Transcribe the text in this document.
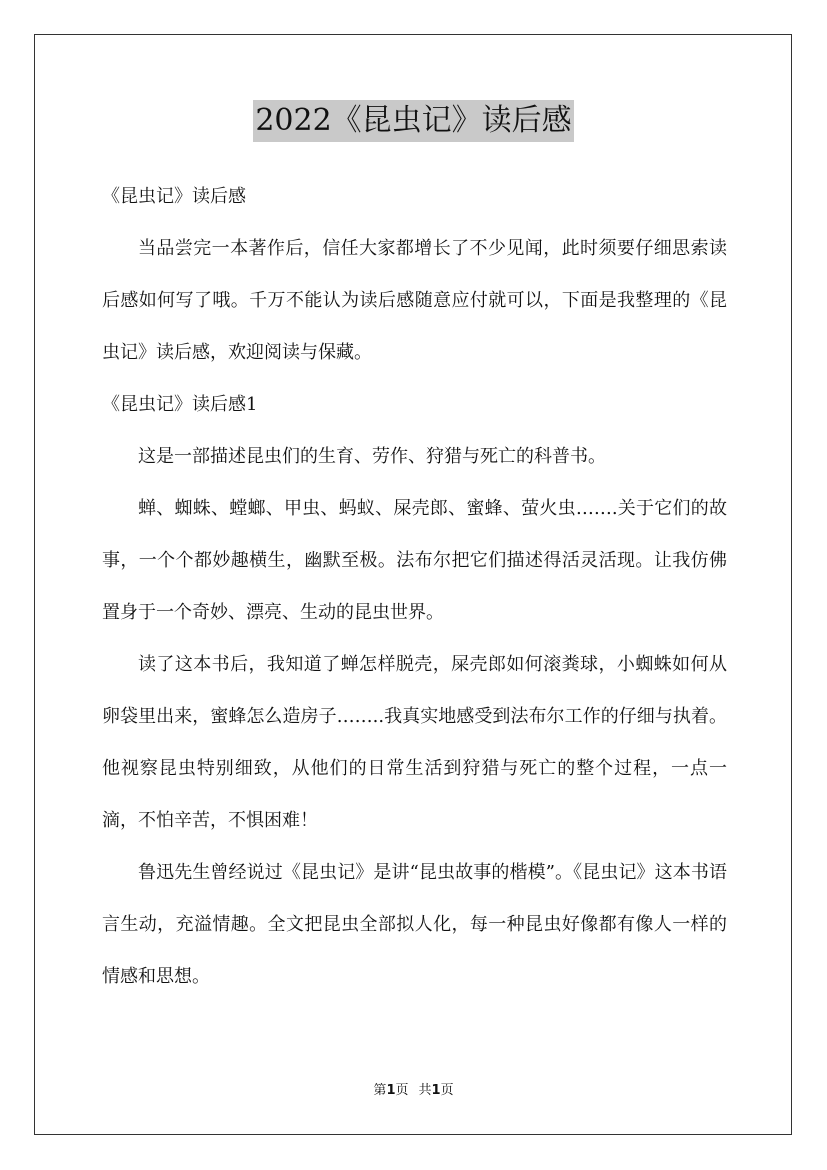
2022《昆虫记》读后感

《昆虫记》读后感

当品尝完一本著作后，信任大家都增长了不少见闻，此时须要仔细思索读后感如何写了哦。千万不能认为读后感随意应付就可以，下面是我整理的《昆虫记》读后感，欢迎阅读与保藏。

《昆虫记》读后感1

这是一部描述昆虫们的生育、劳作、狩猎与死亡的科普书。

蝉、蜘蛛、螳螂、甲虫、蚂蚁、屎壳郎、蜜蜂、萤火虫…….关于它们的故事，一个个都妙趣横生，幽默至极。法布尔把它们描述得活灵活现。让我仿佛置身于一个奇妙、漂亮、生动的昆虫世界。

读了这本书后，我知道了蝉怎样脱壳，屎壳郎如何滚粪球，小蜘蛛如何从卵袋里出来，蜜蜂怎么造房子……..我真实地感受到法布尔工作的仔细与执着。他视察昆虫特别细致，从他们的日常生活到狩猎与死亡的整个过程，一点一滴，不怕辛苦，不惧困难！

鲁迅先生曾经说过《昆虫记》是讲“昆虫故事的楷模”。《昆虫记》这本书语言生动，充溢情趣。全文把昆虫全部拟人化，每一种昆虫好像都有像人一样的情感和思想。

第1页 共1页
